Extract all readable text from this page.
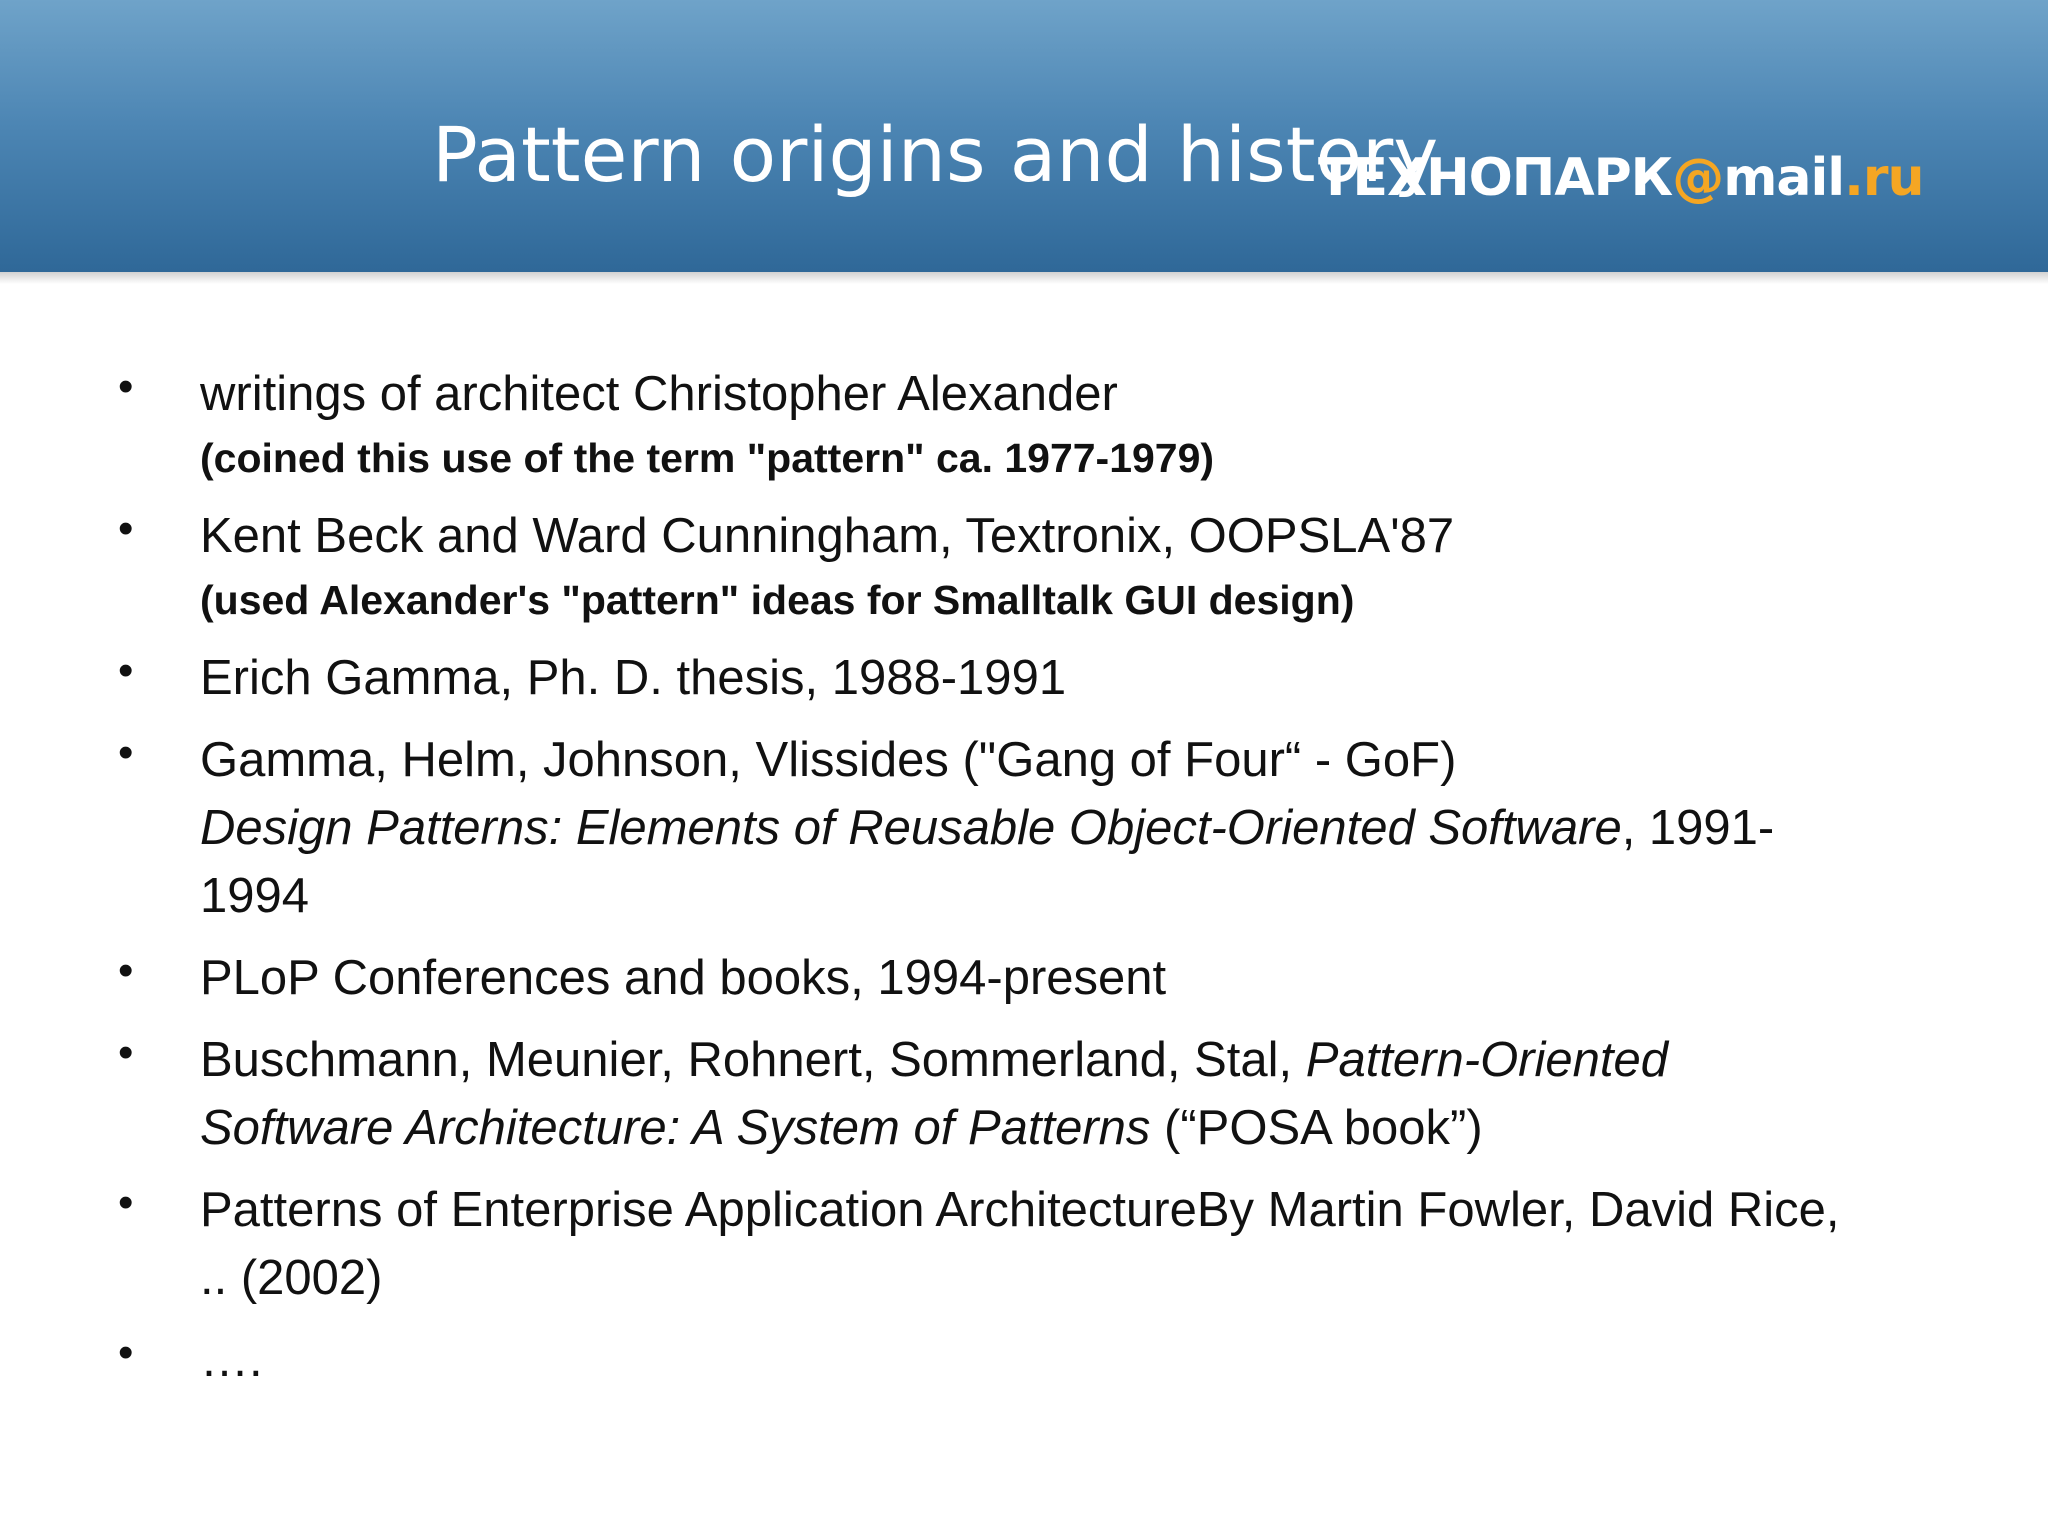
Pattern origins and history
ТЕХНОПАРК@mail.ru
• writings of architect Christopher Alexander
(coined this use of the term "pattern" ca. 1977-1979)
• Kent Beck and Ward Cunningham, Textronix, OOPSLA'87
(used Alexander's "pattern" ideas for Smalltalk GUI design)
• Erich Gamma, Ph. D. thesis, 1988-1991
• Gamma, Helm, Johnson, Vlissides ("Gang of Four“ - GoF)
Design Patterns: Elements of Reusable Object-Oriented Software, 1991-1994
• PLoP Conferences and books, 1994-present
• Buschmann, Meunier, Rohnert, Sommerland, Stal, Pattern-Oriented Software Architecture: A System of Patterns (“POSA book”)
• Patterns of Enterprise Application ArchitectureBy Martin Fowler, David Rice, .. (2002)
• ….
